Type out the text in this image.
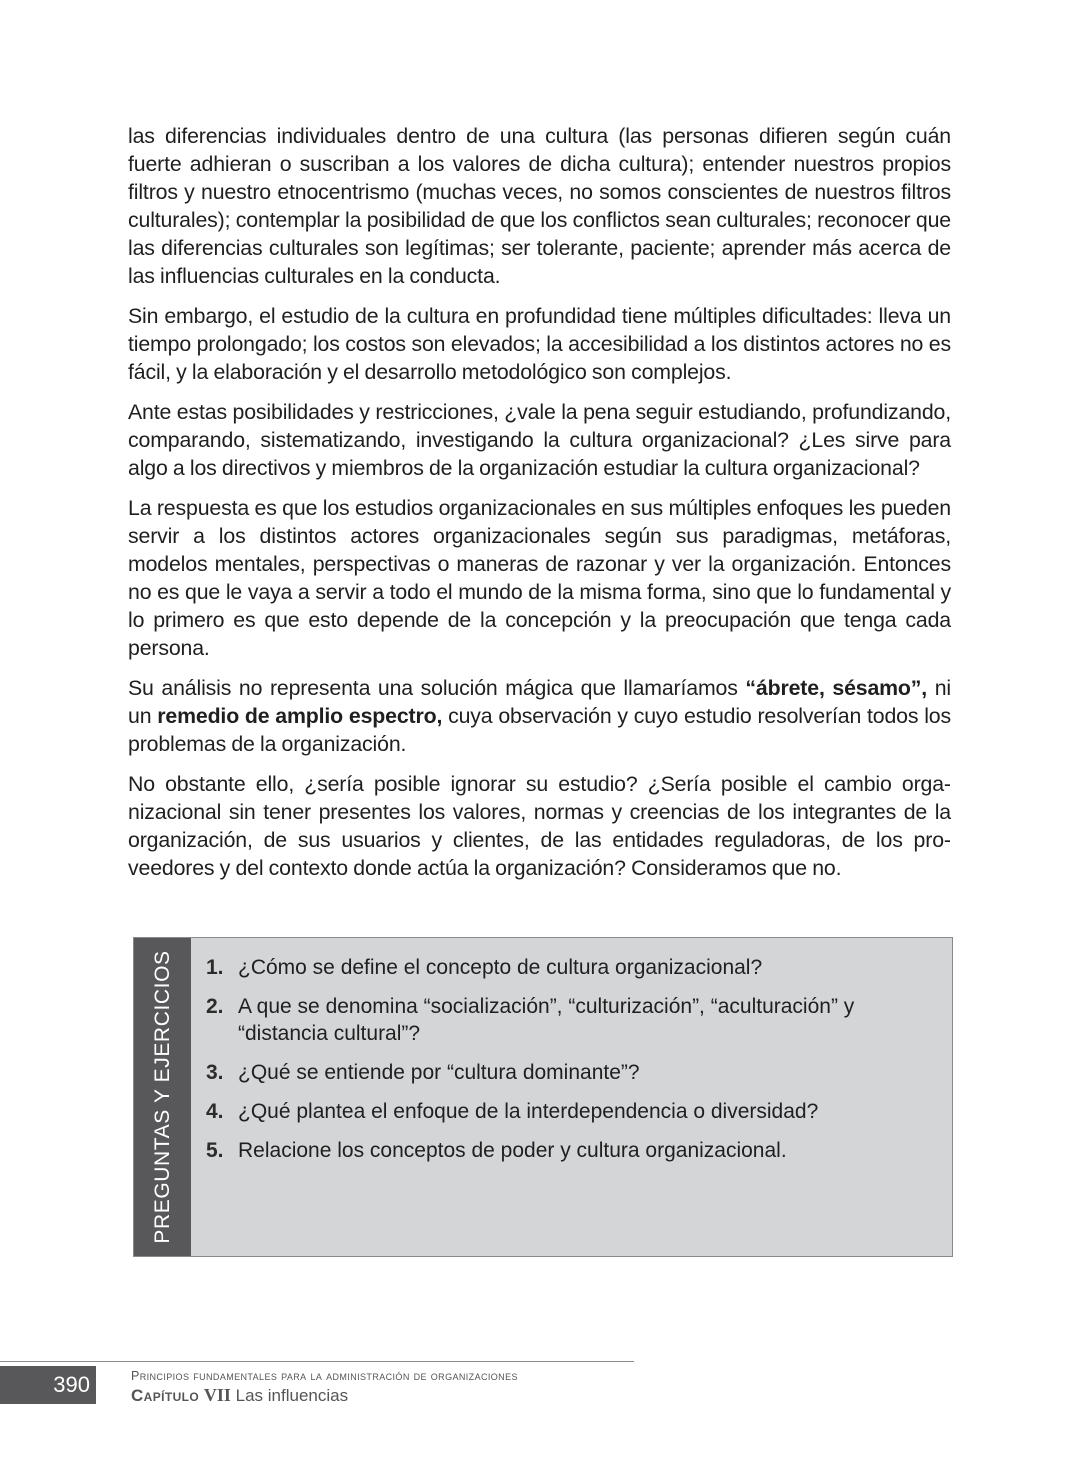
las diferencias individuales dentro de una cultura (las personas difieren según cuán fuerte adhieran o suscriban a los valores de dicha cultura); entender nuestros propios filtros y nuestro etnocentrismo (muchas veces, no somos conscientes de nuestros filtros culturales); contemplar la posibilidad de que los conflictos sean culturales; reconocer que las diferencias culturales son legítimas; ser tolerante, paciente; aprender más acerca de las influencias culturales en la conducta.

Sin embargo, el estudio de la cultura en profundidad tiene múltiples dificultades: lleva un tiempo prolongado; los costos son elevados; la accesibilidad a los distintos actores no es fácil, y la elaboración y el desarrollo metodológico son complejos.

Ante estas posibilidades y restricciones, ¿vale la pena seguir estudiando, profundizando, comparando, sistematizando, investigando la cultura organizacional? ¿Les sirve para algo a los directivos y miembros de la organización estudiar la cultura organizacional?

La respuesta es que los estudios organizacionales en sus múltiples enfoques les pueden servir a los distintos actores organizacionales según sus paradigmas, metáforas, modelos mentales, perspectivas o maneras de razonar y ver la organización. Entonces no es que le vaya a servir a todo el mundo de la misma forma, sino que lo fundamental y lo primero es que esto depende de la concepción y la preocupación que tenga cada persona.

Su análisis no representa una solución mágica que llamaríamos “ábrete, sésamo”, ni un remedio de amplio espectro, cuya observación y cuyo estudio resolverían todos los problemas de la organización.

No obstante ello, ¿sería posible ignorar su estudio? ¿Sería posible el cambio organizacional sin tener presentes los valores, normas y creencias de los integrantes de la organización, de sus usuarios y clientes, de las entidades reguladoras, de los proveedores y del contexto donde actúa la organización? Consideramos que no.

PREGUNTAS Y EJERCICIOS 1. ¿Cómo se define el concepto de cultura organizacional?
2. A que se denomina “socialización”, “culturización”, “aculturación” y “distancia cultural”?
3. ¿Qué se entiende por “cultura dominante”?
4. ¿Qué plantea el enfoque de la interdependencia o diversidad?
5. Relacione los conceptos de poder y cultura organizacional.
390	Principios fundamentales para la administración de organizaciones
Capítulo VII Las influencias
